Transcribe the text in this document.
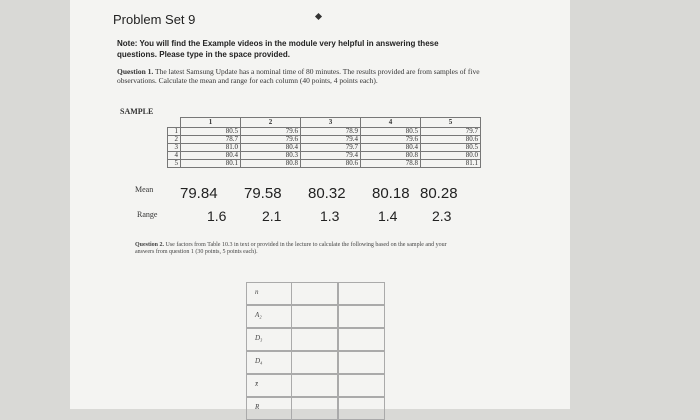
Problem Set 9
Note: You will find the Example videos in the module very helpful in answering these questions. Please type in the space provided.
Question 1. The latest Samsung Update has a nominal time of 80 minutes. The results provided are from samples of five observations. Calculate the mean and range for each column (40 points, 4 points each).
SAMPLE
	1	2	3	4	5
1	80.5	79.6	78.9	80.5	79.7
2	78.7	79.6	79.4	79.6	80.6
3	81.0	80.4	79.7	80.4	80.5
4	80.4	80.3	79.4	80.8	80.0
5	80.1	80.8	80.6	78.8	81.1
Mean 79.84 79.58 80.32 80.18 80.28
Range	1.6	2.1	1.3	1.4 2.3
Question 2. Use factors from Table 10.3 in text or provided in the lecture to calculate the following based on the sample and your answers from question 1 (30 points, 5 points each).
n
A₂
D₃
D₄
x̄
R
